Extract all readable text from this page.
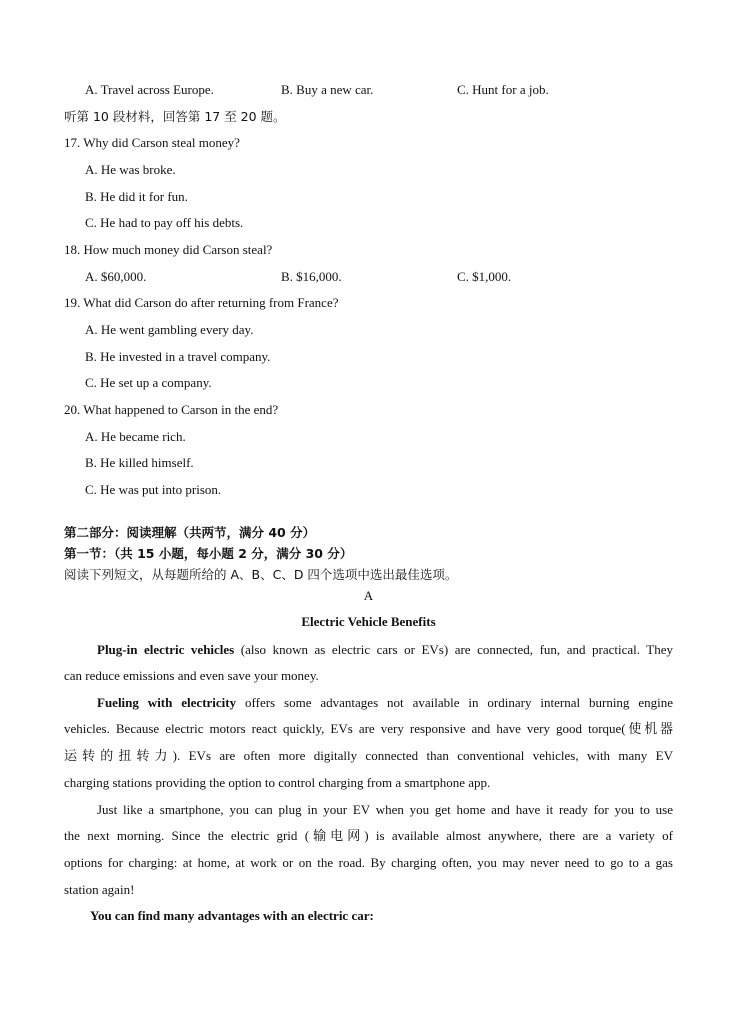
A. Travel across Europe.	B. Buy a new car.	C. Hunt for a job.
听第 10 段材料，回答第 17 至 20 题。
17. Why did Carson steal money?
A. He was broke.
B. He did it for fun.
C. He had to pay off his debts.
18. How much money did Carson steal?
A. $60,000.	B. $16,000.	C. $1,000.
19. What did Carson do after returning from France?
A. He went gambling every day.
B. He invested in a travel company.
C. He set up a company.
20. What happened to Carson in the end?
A. He became rich.
B. He killed himself.
C. He was put into prison.
第二部分：阅读理解（共两节，满分 40 分）
第一节：（共 15 小题，每小题 2 分，满分 30 分）
阅读下列短文，从每题所给的 A、B、C、D 四个选项中选出最佳选项。
A
Electric Vehicle Benefits
Plug-in electric vehicles (also known as electric cars or EVs) are connected, fun, and practical. They
can reduce emissions and even save your money.
Fueling with electricity offers some advantages not available in ordinary internal burning engine
vehicles. Because electric motors react quickly, EVs are very responsive and have very good torque(使机器
运转的扭转力). EVs are often more digitally connected than conventional vehicles, with many EV
charging stations providing the option to control charging from a smartphone app.
Just like a smartphone, you can plug in your EV when you get home and have it ready for you to use
the next morning. Since the electric grid (输电网) is available almost anywhere, there are a variety of
options for charging: at home, at work or on the road. By charging often, you may never need to go to a gas
station again!
You can find many advantages with an electric car:
